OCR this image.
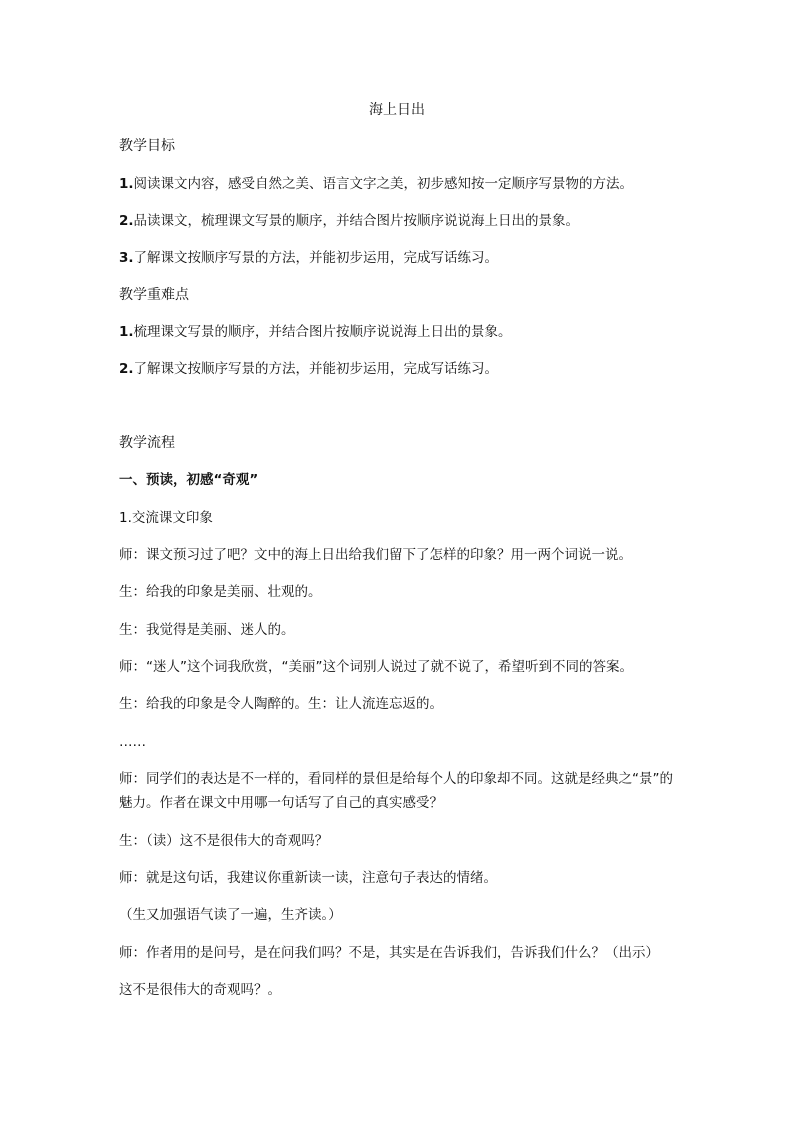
海上日出
教学目标
1.阅读课文内容，感受自然之美、语言文字之美，初步感知按一定顺序写景物的方法。
2.品读课文，梳理课文写景的顺序，并结合图片按顺序说说海上日出的景象。
3.了解课文按顺序写景的方法，并能初步运用，完成写话练习。
教学重难点
1.梳理课文写景的顺序，并结合图片按顺序说说海上日出的景象。
2.了解课文按顺序写景的方法，并能初步运用，完成写话练习。
教学流程
一、预读，初感“奇观”
1.交流课文印象
师：课文预习过了吧？文中的海上日出给我们留下了怎样的印象？用一两个词说一说。
生：给我的印象是美丽、壮观的。
生：我觉得是美丽、迷人的。
师：“迷人”这个词我欣赏，“美丽”这个词别人说过了就不说了，希望听到不同的答案。
生：给我的印象是令人陶醉的。生：让人流连忘返的。
……
师：同学们的表达是不一样的，看同样的景但是给每个人的印象却不同。这就是经典之“景”的魅力。作者在课文中用哪一句话写了自己的真实感受？
生：（读）这不是很伟大的奇观吗？
师：就是这句话，我建议你重新读一读，注意句子表达的情绪。
（生又加强语气读了一遍，生齐读。）
师：作者用的是问号，是在问我们吗？不是，其实是在告诉我们，告诉我们什么？（出示）
这不是很伟大的奇观吗？。
